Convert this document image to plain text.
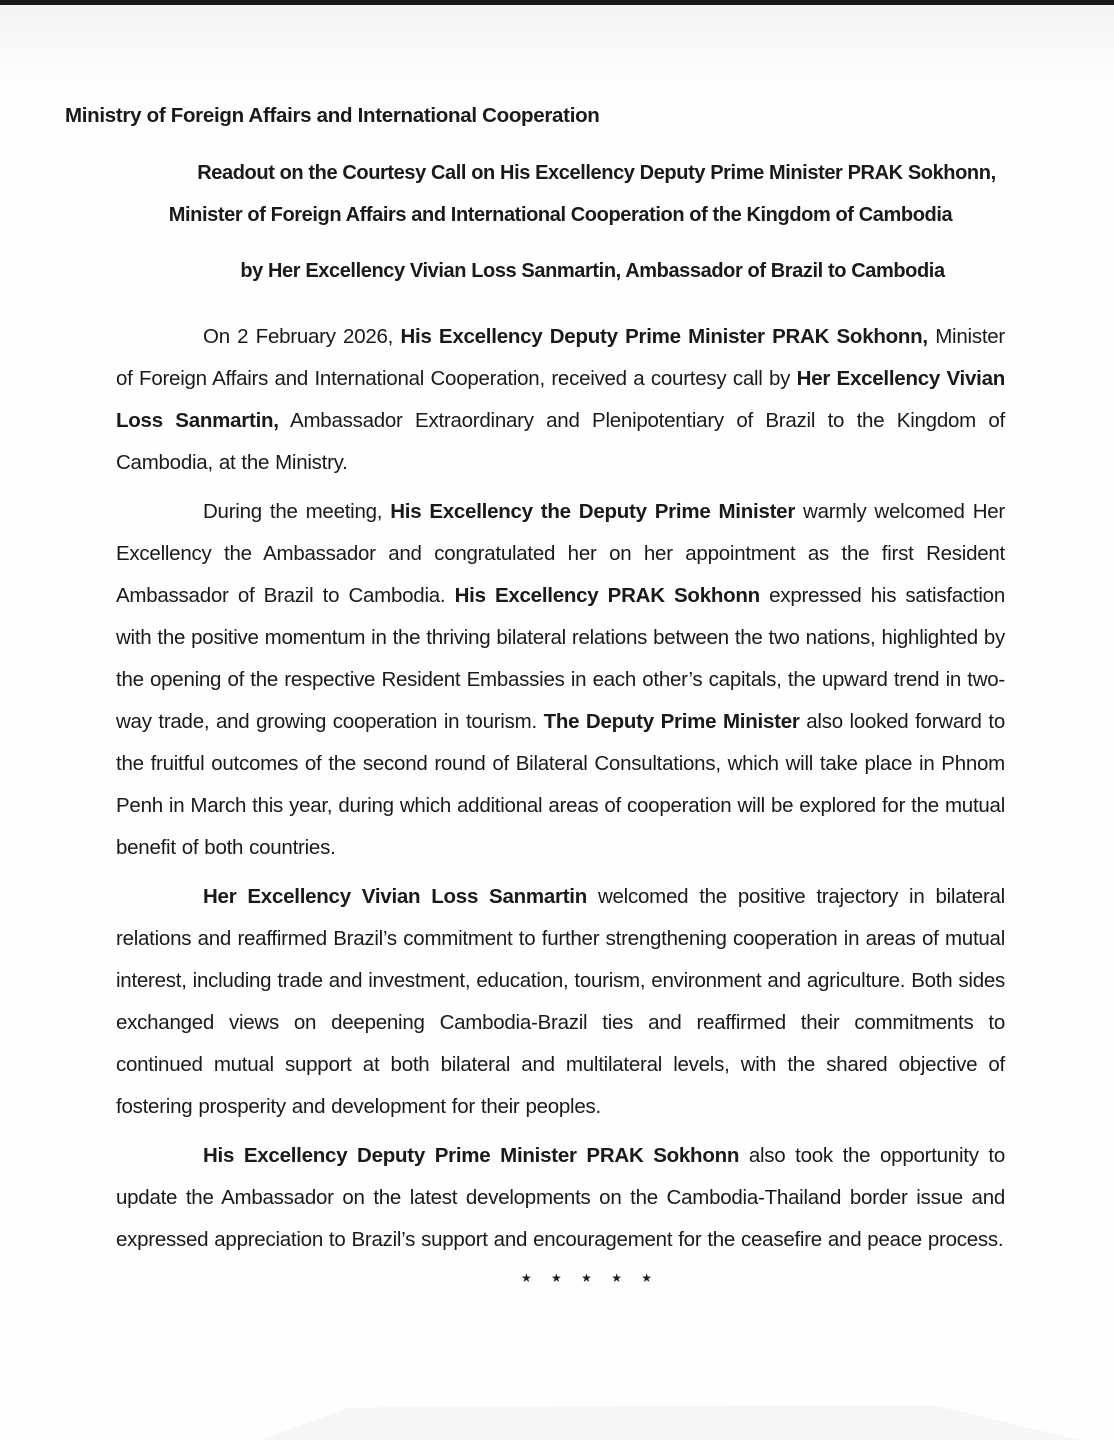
Ministry of Foreign Affairs and International Cooperation
Readout on the Courtesy Call on His Excellency Deputy Prime Minister PRAK Sokhonn,
Minister of Foreign Affairs and International Cooperation of the Kingdom of Cambodia
by Her Excellency Vivian Loss Sanmartin, Ambassador of Brazil to Cambodia

On 2 February 2026, His Excellency Deputy Prime Minister PRAK Sokhonn, Minister of Foreign Affairs and International Cooperation, received a courtesy call by Her Excellency Vivian Loss Sanmartin, Ambassador Extraordinary and Plenipotentiary of Brazil to the Kingdom of Cambodia, at the Ministry.

During the meeting, His Excellency the Deputy Prime Minister warmly welcomed Her Excellency the Ambassador and congratulated her on her appointment as the first Resident Ambassador of Brazil to Cambodia. His Excellency PRAK Sokhonn expressed his satisfaction with the positive momentum in the thriving bilateral relations between the two nations, highlighted by the opening of the respective Resident Embassies in each other’s capitals, the upward trend in two-way trade, and growing cooperation in tourism. The Deputy Prime Minister also looked forward to the fruitful outcomes of the second round of Bilateral Consultations, which will take place in Phnom Penh in March this year, during which additional areas of cooperation will be explored for the mutual benefit of both countries.

Her Excellency Vivian Loss Sanmartin welcomed the positive trajectory in bilateral relations and reaffirmed Brazil’s commitment to further strengthening cooperation in areas of mutual interest, including trade and investment, education, tourism, environment and agriculture. Both sides exchanged views on deepening Cambodia-Brazil ties and reaffirmed their commitments to continued mutual support at both bilateral and multilateral levels, with the shared objective of fostering prosperity and development for their peoples.

His Excellency Deputy Prime Minister PRAK Sokhonn also took the opportunity to update the Ambassador on the latest developments on the Cambodia-Thailand border issue and expressed appreciation to Brazil’s support and encouragement for the ceasefire and peace process.

★ ★ ★ ★ ★
